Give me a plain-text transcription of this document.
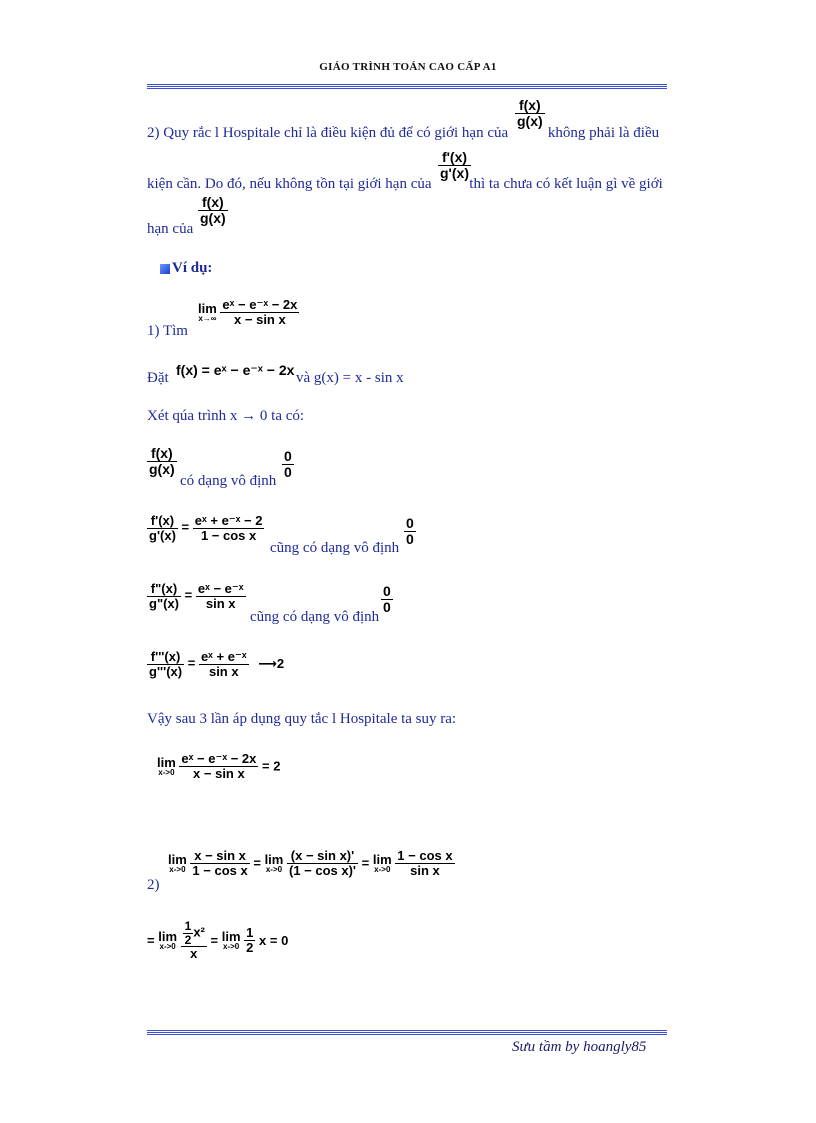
GIÁO TRÌNH TOÁN CAO CẤP A1
$\frac{f(x)}{g(x)}$
2) Quy rắc l Hospitale chỉ là điều kiện đủ để có giới hạn của	không phải là điều
$\frac{f'(x)}{g'(x)}$
kiện cần. Do đó, nếu không tồn tại giới hạn của	thì ta chưa có kết luận gì về giới
hạn của
$\frac{f(x)}{g(x)}$
Ví dụ:
1) Tìm
lim
x→∞
$\frac{\text{eˣ − e⁻ˣ − 2x}}{\text{x − sin x}}$
Đặt f(x) = eˣ − e⁻ˣ − 2x và g(x) = x - sin x
Xét qúa trình x → 0 ta có:
$\frac{f(x)}{g(x)}$
có dạng vô định
$\frac{0}{0}$
$\frac{f'(x)}{g'(x)} = \frac{\text{eˣ + e⁻ˣ − 2}}{\text{1 − cos x}}$
cũng có dạng vô định
$\frac{0}{0}$
$\frac{f"(x)}{g"(x)} = \frac{\text{eˣ − e⁻ˣ}}{\text{sin x}}$
cũng có dạng vô định
$\frac{0}{0}$
$\frac{f'''(x)}{g'''(x)} = \frac{\text{eˣ + e⁻ˣ}}{\text{sin x}}$ ⟶2
Vậy sau 3 lần áp dụng quy tắc l Hospitale ta suy ra:
lim
x->0
$\frac{\text{eˣ − e⁻ˣ − 2x}}{\text{x − sin x}} = 2$
2)
lim
x->0
$\frac{\text{x − sin x}}{\text{1 − cos x}} = \lim$
x->0
$\frac{\text{(x − sin x)'}}{\text{(1 − cos x)'}} = \lim$
x->0
$\frac{\text{1 − cos x}}{\text{sin x}}$
= lim
x->0
$\frac{\frac{1}{2} x^2}{x} = \lim$
x->0
$\frac{1}{2}$ x = 0
Sưu tầm by hoangly85
